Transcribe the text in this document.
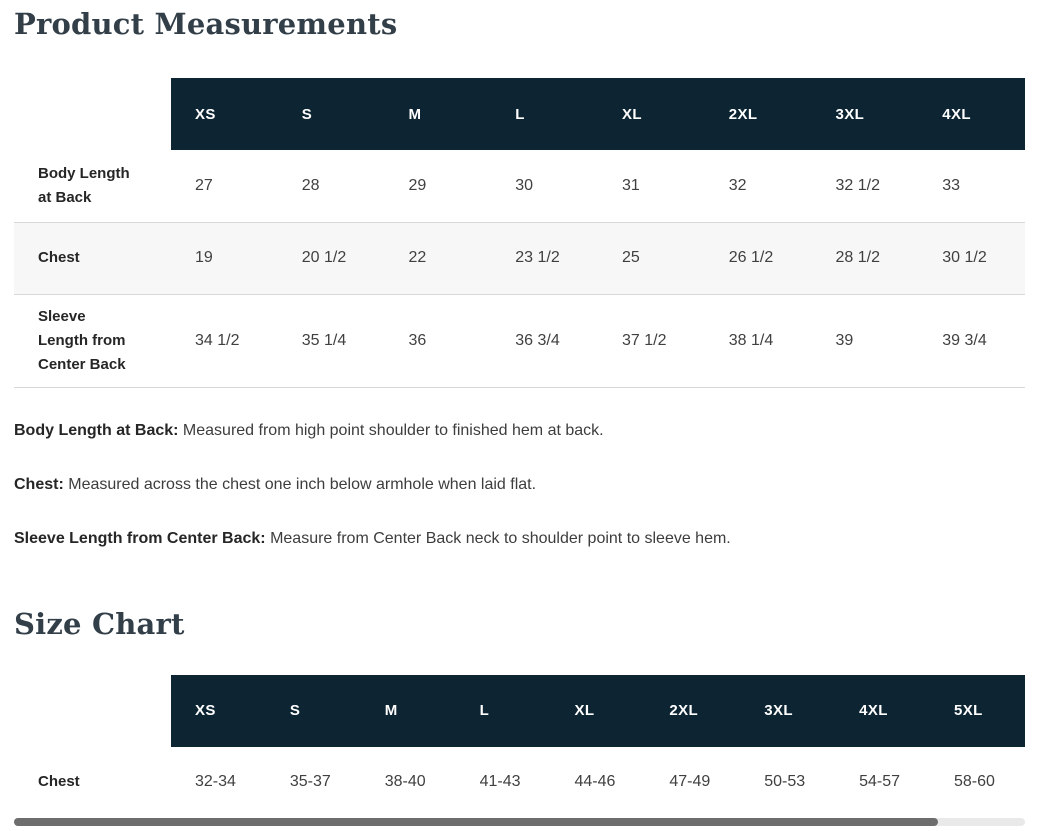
Product Measurements
	XS	S	M	L	XL	2XL	3XL	4XL
Body Length at Back	27	28	29	30	31	32	32 1/2	33
Chest	19	20 1/2	22	23 1/2	25	26 1/2	28 1/2	30 1/2
Sleeve Length from Center Back	34 1/2	35 1/4	36	36 3/4	37 1/2	38 1/4	39	39 3/4

Body Length at Back: Measured from high point shoulder to finished hem at back.

Chest: Measured across the chest one inch below armhole when laid flat.

Sleeve Length from Center Back: Measure from Center Back neck to shoulder point to sleeve hem.

Size Chart
	XS	S	M	L	XL	2XL	3XL	4XL	5XL
Chest	32-34	35-37	38-40	41-43	44-46	47-49	50-53	54-57	58-60
